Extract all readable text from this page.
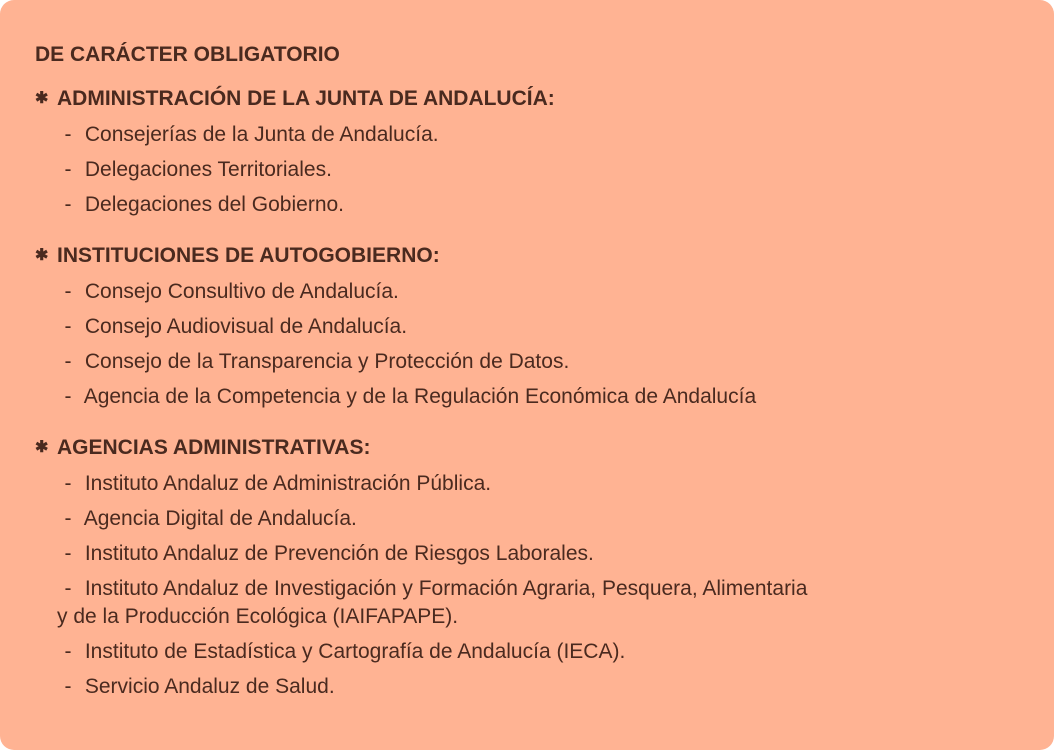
DE CARÁCTER OBLIGATORIO
✱ ADMINISTRACIÓN DE LA JUNTA DE ANDALUCÍA:
- Consejerías de la Junta de Andalucía.
- Delegaciones Territoriales.
- Delegaciones del Gobierno.
✱ INSTITUCIONES DE AUTOGOBIERNO:
- Consejo Consultivo de Andalucía.
- Consejo Audiovisual de Andalucía.
- Consejo de la Transparencia y Protección de Datos.
- Agencia de la Competencia y de la Regulación Económica de Andalucía
✱ AGENCIAS ADMINISTRATIVAS:
- Instituto Andaluz de Administración Pública.
- Agencia Digital de Andalucía.
- Instituto Andaluz de Prevención de Riesgos Laborales.
- Instituto Andaluz de Investigación y Formación Agraria, Pesquera, Alimentaria
y de la Producción Ecológica (IAIFAPAPE).
- Instituto de Estadística y Cartografía de Andalucía (IECA).
- Servicio Andaluz de Salud.
